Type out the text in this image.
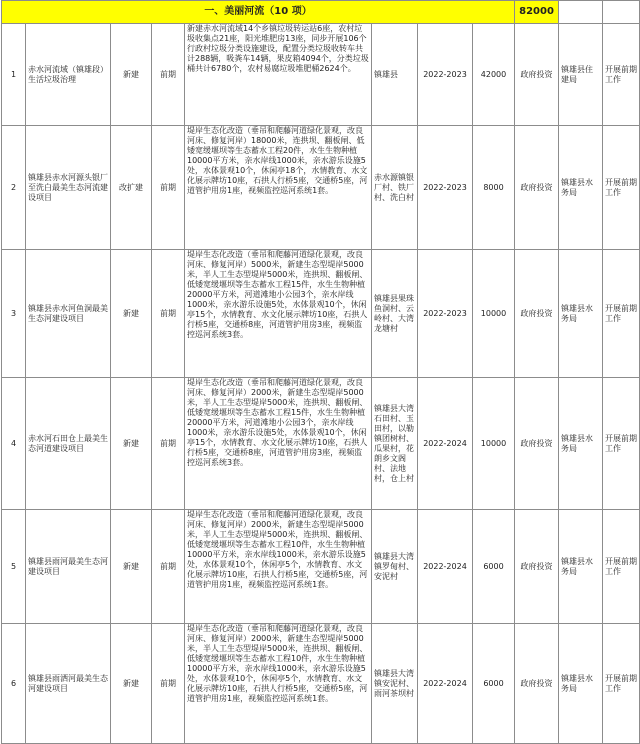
一、美丽河流（10 项）								82000		
1	赤水河流域（镇雄段）生活垃圾治理	新建	前期	新建赤水河流域14个乡镇垃圾转运站6座，农村垃圾收集点21座，阳光堆肥房13座，同步开展106个行政村垃圾分类设施建设，配置分类垃圾收转车共计288辆，吸粪车14辆，果皮箱4094个，分类垃圾桶共计6780个，农村易腐垃圾堆肥桶2624个。	镇雄县	2022-2023	42000	政府投资	镇雄县住建局	开展前期工作
2	镇雄县赤水河源头银厂至洗白最美生态河流建设项目	改扩建	前期	堤岸生态化改造（垂吊和爬藤河道绿化景观，改良河床、修复河岸）18000米，连拱坝、翻板闸、低矮宽缓堰坝等生态蓄水工程20件，水生生物种植10000平方米，亲水岸线1000米，亲水游乐设施5处，水体景观10个，休闲亭18个，水情教育、水文化展示牌坊10座，石拱人行桥5座，交通桥5座，河道管护用房1座，视频监控巡河系统1套。	赤水源镇银厂村、铁厂村、洗白村	2022-2023	8000	政府投资	镇雄县水务局	开展前期工作
3	镇雄县赤水河鱼洞最美生态河建设项目	新建	前期	堤岸生态化改造（垂吊和爬藤河道绿化景观，改良河床、修复河岸）5000米，新建生态型堤岸5000米，半人工生态型堤岸5000米，连拱坝、翻板闸、低矮宽缓堰坝等生态蓄水工程15件，水生生物种植20000平方米，河道滩地小公园3个，亲水岸线1000米，亲水游乐设施5处，水体景观10个，休闲亭15个，水情教育、水文化展示牌坊10座，石拱人行桥5座，交通桥8座，河道管护用房3座，视频监控巡河系统3套。	镇雄县果珠鱼洞村、云岭村、大湾龙塘村	2022-2023	10000	政府投资	镇雄县水务局	开展前期工作
4	赤水河石田仓上最美生态河道建设项目	新建	前期	堤岸生态化改造（垂吊和爬藤河道绿化景观，改良河床、修复河岸）2000米，新建生态型堤岸5000米，半人工生态型堤岸5000米，连拱坝、翻板闸、低矮宽缓堰坝等生态蓄水工程15件，水生生物种植20000平方米，河道滩地小公园3个，亲水岸线1000米，亲水游乐设施5处，水体景观10个，休闲亭15个，水情教育、水文化展示牌坊10座，石拱人行桥5座，交通桥8座，河道管护用房3座，视频监控巡河系统3套。	镇雄县大湾石田村、玉田村，以勒镇团树村、瓜果村，花朗乡文阁村、法地村，仓上村	2022-2024	10000	政府投资	镇雄县水务局	开展前期工作
5	镇雄县雨河最美生态河建设项目	新建	前期	堤岸生态化改造（垂吊和爬藤河道绿化景观，改良河床、修复河岸）2000米，新建生态型堤岸5000米，半人工生态型堤岸5000米，连拱坝、翻板闸、低矮宽缓堰坝等生态蓄水工程10件，水生生物种植10000平方米，亲水岸线1000米，亲水游乐设施5处，水体景观10个，休闲亭5个，水情教育、水文化展示牌坊10座，石拱人行桥5座，交通桥5座，河道管护用房1座，视频监控巡河系统1套。	镇雄县大湾镇罗甸村、安泥村	2022-2024	6000	政府投资	镇雄县水务局	开展前期工作
6	镇雄县雨洒河最美生态河建设项目	新建	前期	堤岸生态化改造（垂吊和爬藤河道绿化景观，改良河床、修复河岸）2000米，新建生态型堤岸5000米，半人工生态型堤岸5000米，连拱坝、翻板闸、低矮宽缓堰坝等生态蓄水工程10件，水生生物种植10000平方米，亲水岸线1000米，亲水游乐设施5处，水体景观10个，休闲亭5个，水情教育、水文化展示牌坊10座，石拱人行桥5座，交通桥5座，河道管护用房1座，视频监控巡河系统1套。	镇雄县大湾镇安泥村、雨河茶坝村	2022-2024	6000	政府投资	镇雄县水务局	开展前期工作
